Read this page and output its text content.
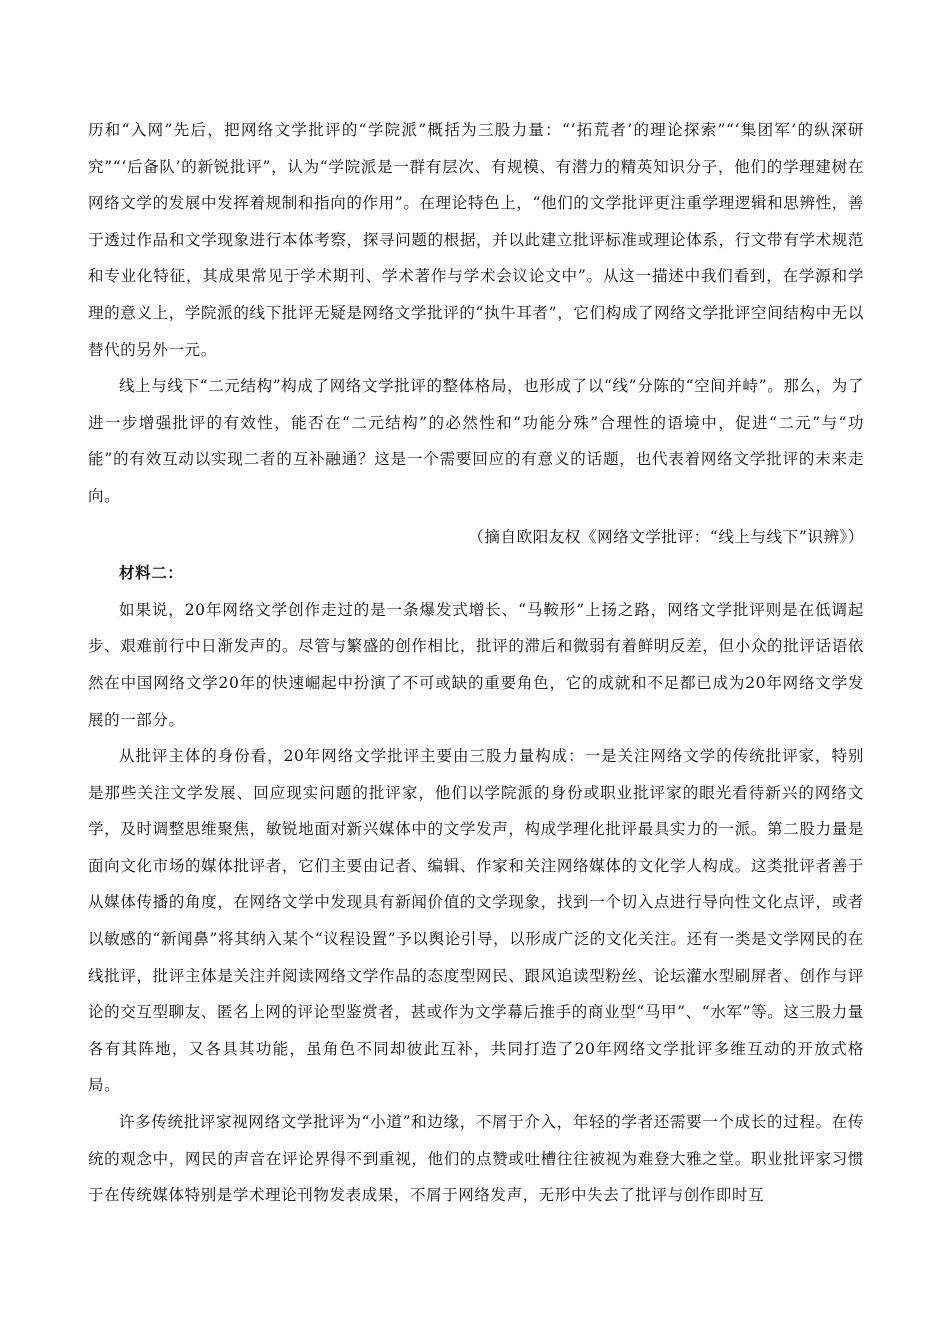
历和“入网”先后，把网络文学批评的“学院派”概括为三股力量：“‘拓荒者’的理论探索”“‘集团军’的纵深研究”“‘后备队’的新锐批评”，认为“学院派是一群有层次、有规模、有潜力的精英知识分子，他们的学理建树在网络文学的发展中发挥着规制和指向的作用”。在理论特色上，“他们的文学批评更注重学理逻辑和思辨性，善于透过作品和文学现象进行本体考察，探寻问题的根据，并以此建立批评标准或理论体系，行文带有学术规范和专业化特征，其成果常见于学术期刊、学术著作与学术会议论文中”。从这一描述中我们看到，在学源和学理的意义上，学院派的线下批评无疑是网络文学批评的“执牛耳者”，它们构成了网络文学批评空间结构中无以替代的另外一元。

线上与线下“二元结构”构成了网络文学批评的整体格局，也形成了以“线”分陈的“空间并峙”。那么，为了进一步增强批评的有效性，能否在“二元结构”的必然性和“功能分殊”合理性的语境中，促进“二元”与“功能”的有效互动以实现二者的互补融通？这是一个需要回应的有意义的话题，也代表着网络文学批评的未来走向。

（摘自欧阳友权《网络文学批评：“线上与线下”识辨》）

材料二：

如果说，20年网络文学创作走过的是一条爆发式增长、“马鞍形”上扬之路，网络文学批评则是在低调起步、艰难前行中日渐发声的。尽管与繁盛的创作相比，批评的滞后和微弱有着鲜明反差，但小众的批评话语依然在中国网络文学20年的快速崛起中扮演了不可或缺的重要角色，它的成就和不足都已成为20年网络文学发展的一部分。

从批评主体的身份看，20年网络文学批评主要由三股力量构成：一是关注网络文学的传统批评家，特别是那些关注文学发展、回应现实问题的批评家，他们以学院派的身份或职业批评家的眼光看待新兴的网络文学，及时调整思维聚焦，敏锐地面对新兴媒体中的文学发声，构成学理化批评最具实力的一派。第二股力量是面向文化市场的媒体批评者，它们主要由记者、编辑、作家和关注网络媒体的文化学人构成。这类批评者善于从媒体传播的角度，在网络文学中发现具有新闻价值的文学现象，找到一个切入点进行导向性文化点评，或者以敏感的“新闻鼻”将其纳入某个“议程设置”予以舆论引导，以形成广泛的文化关注。还有一类是文学网民的在线批评，批评主体是关注并阅读网络文学作品的态度型网民、跟风追读型粉丝、论坛灌水型刷屏者、创作与评论的交互型聊友、匿名上网的评论型鉴赏者，甚或作为文学幕后推手的商业型“马甲”、“水军”等。这三股力量各有其阵地，又各具其功能，虽角色不同却彼此互补，共同打造了20年网络文学批评多维互动的开放式格局。

许多传统批评家视网络文学批评为“小道”和边缘，不屑于介入，年轻的学者还需要一个成长的过程。在传统的观念中，网民的声音在评论界得不到重视，他们的点赞或吐槽往往被视为难登大雅之堂。职业批评家习惯于在传统媒体特别是学术理论刊物发表成果，不屑于网络发声，无形中失去了批评与创作即时互
